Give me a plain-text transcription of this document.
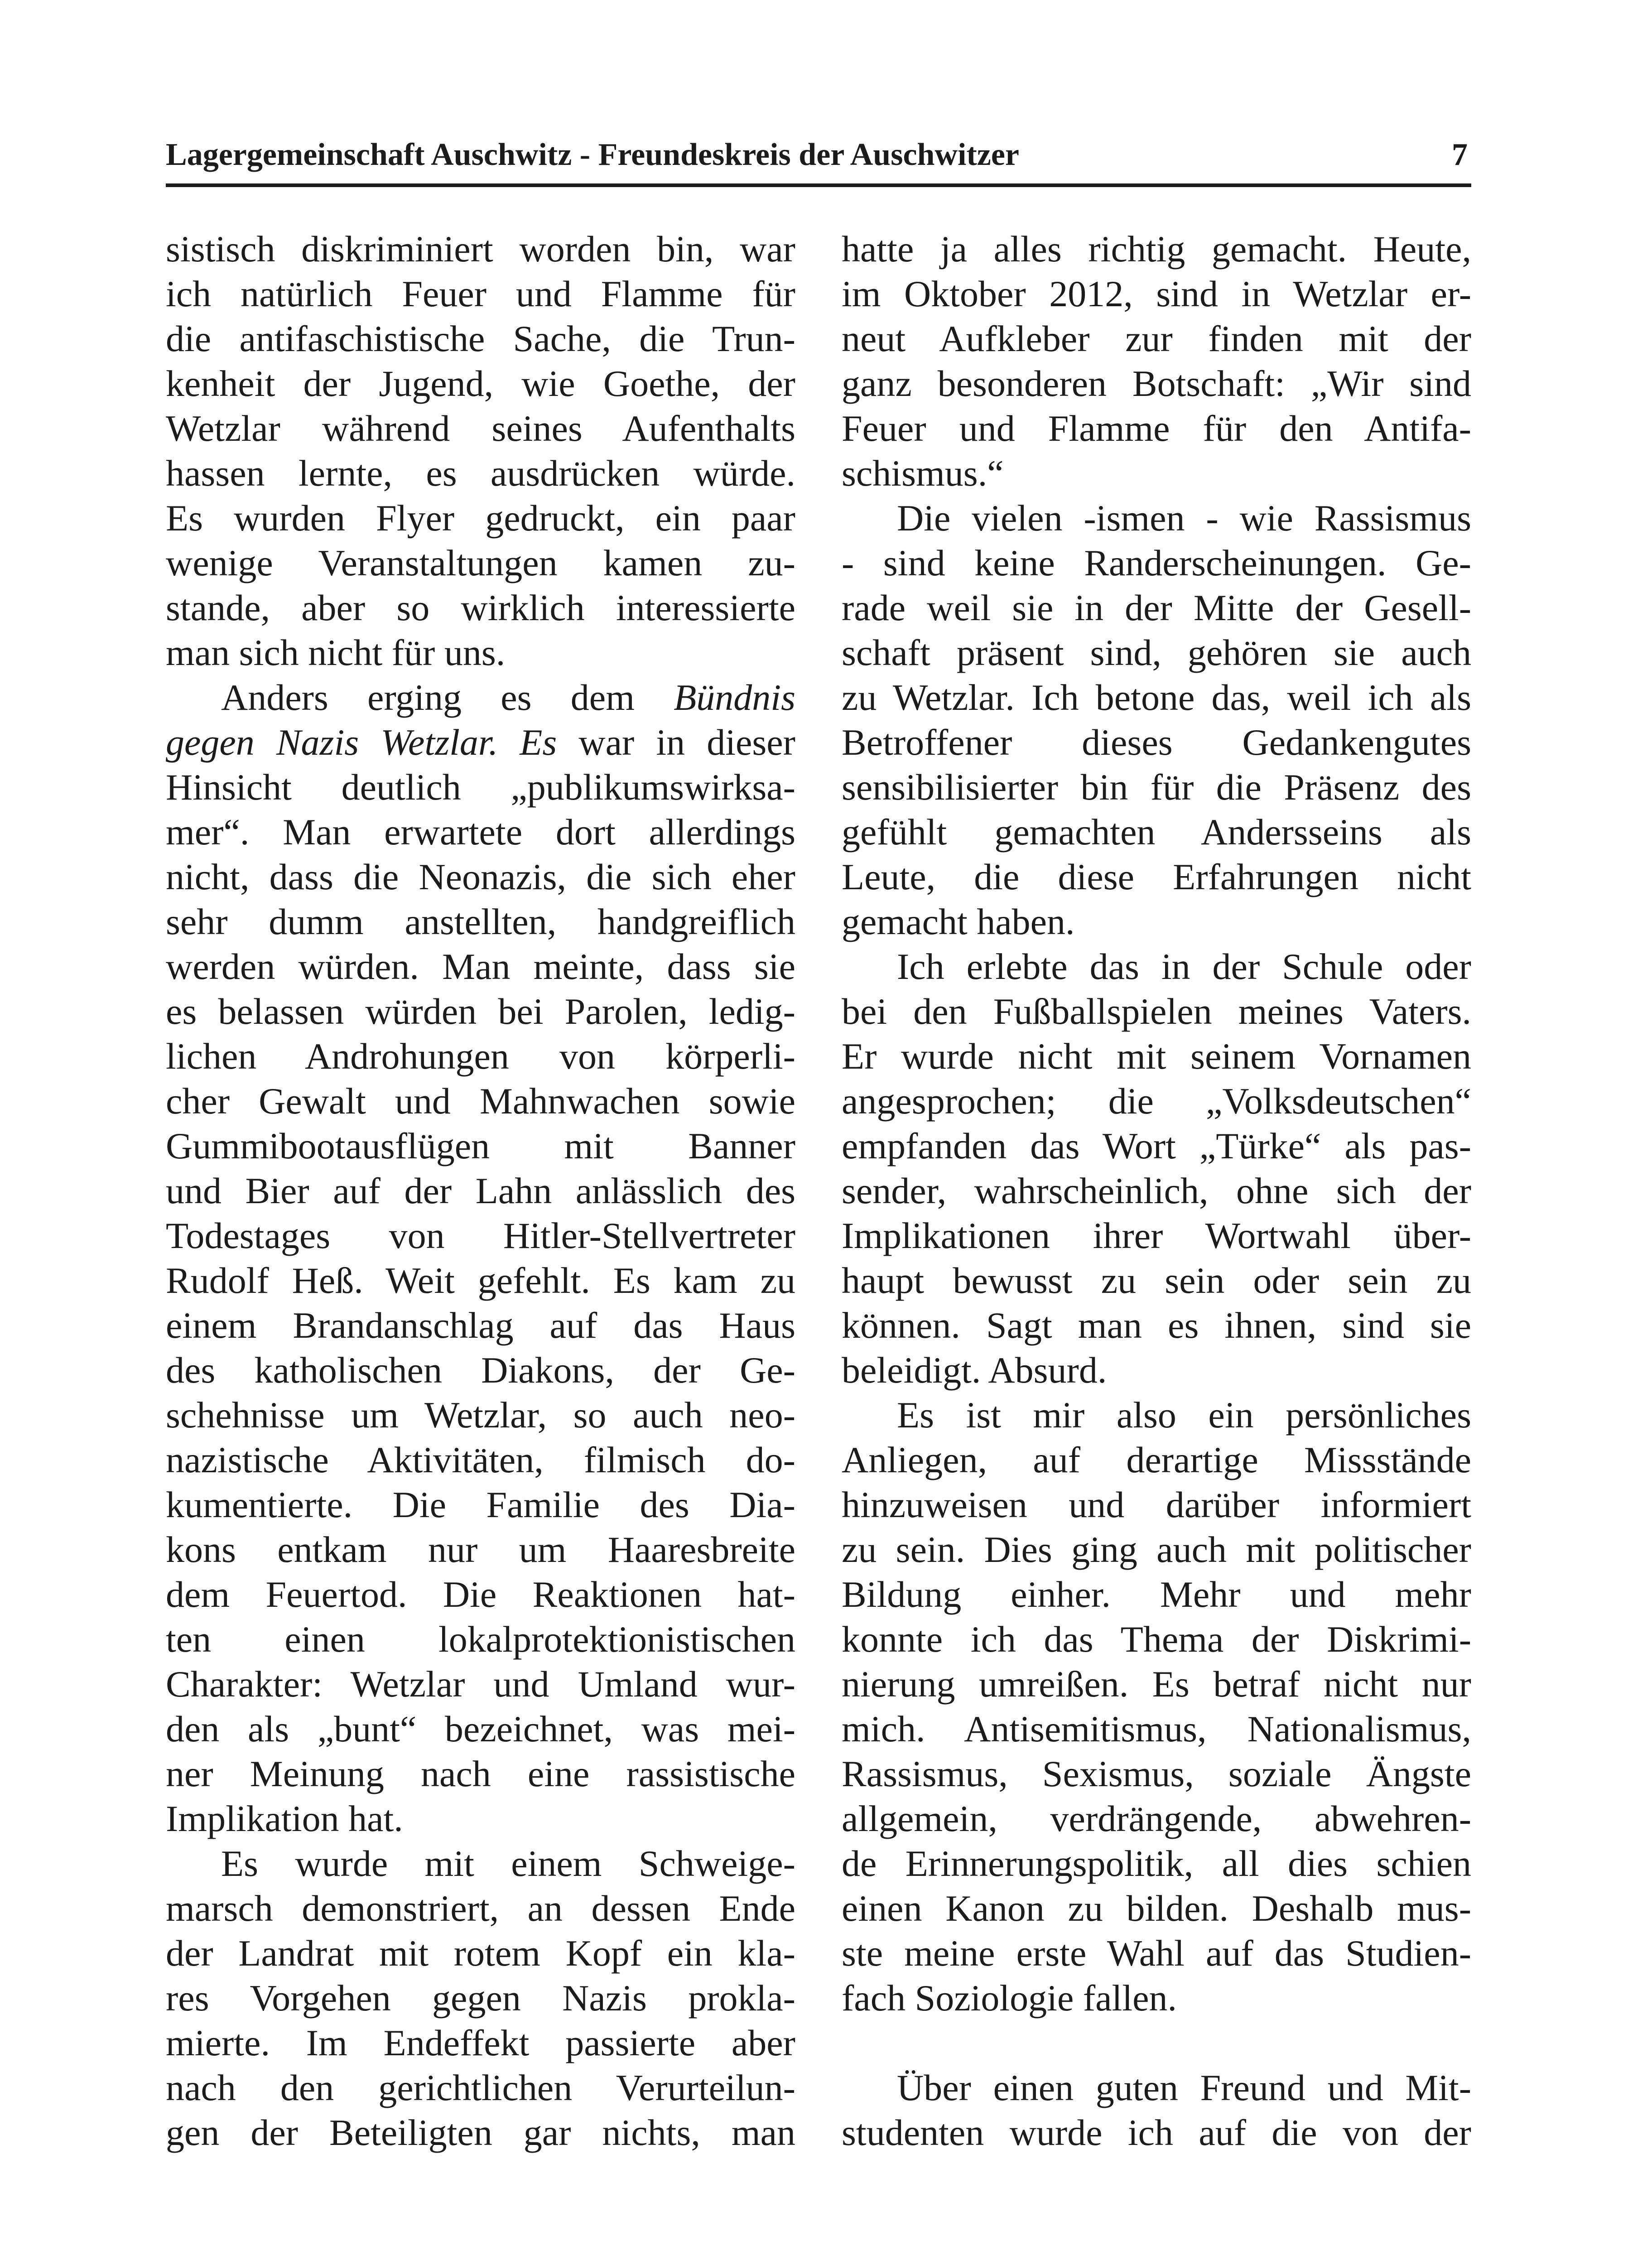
Lagergemeinschaft Auschwitz - Freundeskreis der Auschwitzer	7
sistisch diskriminiert worden bin, war
ich natürlich Feuer und Flamme für
die antifaschistische Sache, die Trun-
kenheit der Jugend, wie Goethe, der
Wetzlar während seines Aufenthalts
hassen lernte, es ausdrücken würde.
Es wurden Flyer gedruckt, ein paar
wenige Veranstaltungen kamen zu-
stande, aber so wirklich interessierte
man sich nicht für uns.
Anders erging es dem Bündnis
gegen Nazis Wetzlar. Es war in dieser
Hinsicht deutlich „publikumswirksa-
mer“. Man erwartete dort allerdings
nicht, dass die Neonazis, die sich eher
sehr dumm anstellten, handgreiflich
werden würden. Man meinte, dass sie
es belassen würden bei Parolen, ledig-
lichen Androhungen von körperli-
cher Gewalt und Mahnwachen sowie
Gummibootausflügen mit Banner
und Bier auf der Lahn anlässlich des
Todestages von Hitler-Stellvertreter
Rudolf Heß. Weit gefehlt. Es kam zu
einem Brandanschlag auf das Haus
des katholischen Diakons, der Ge-
schehnisse um Wetzlar, so auch neo-
nazistische Aktivitäten, filmisch do-
kumentierte. Die Familie des Dia-
kons entkam nur um Haaresbreite
dem Feuertod. Die Reaktionen hat-
ten einen lokalprotektionistischen
Charakter: Wetzlar und Umland wur-
den als „bunt“ bezeichnet, was mei-
ner Meinung nach eine rassistische
Implikation hat.
Es wurde mit einem Schweige-
marsch demonstriert, an dessen Ende
der Landrat mit rotem Kopf ein kla-
res Vorgehen gegen Nazis prokla-
mierte. Im Endeffekt passierte aber
nach den gerichtlichen Verurteilun-
gen der Beteiligten gar nichts, man
hatte ja alles richtig gemacht. Heute,
im Oktober 2012, sind in Wetzlar er-
neut Aufkleber zur finden mit der
ganz besonderen Botschaft: „Wir sind
Feuer und Flamme für den Antifa-
schismus.“
Die vielen -ismen - wie Rassismus
- sind keine Randerscheinungen. Ge-
rade weil sie in der Mitte der Gesell-
schaft präsent sind, gehören sie auch
zu Wetzlar. Ich betone das, weil ich als
Betroffener dieses Gedankengutes
sensibilisierter bin für die Präsenz des
gefühlt gemachten Andersseins als
Leute, die diese Erfahrungen nicht
gemacht haben.
Ich erlebte das in der Schule oder
bei den Fußballspielen meines Vaters.
Er wurde nicht mit seinem Vornamen
angesprochen; die „Volksdeutschen“
empfanden das Wort „Türke“ als pas-
sender, wahrscheinlich, ohne sich der
Implikationen ihrer Wortwahl über-
haupt bewusst zu sein oder sein zu
können. Sagt man es ihnen, sind sie
beleidigt. Absurd.
Es ist mir also ein persönliches
Anliegen, auf derartige Missstände
hinzuweisen und darüber informiert
zu sein. Dies ging auch mit politischer
Bildung einher. Mehr und mehr
konnte ich das Thema der Diskrimi-
nierung umreißen. Es betraf nicht nur
mich. Antisemitismus, Nationalismus,
Rassismus, Sexismus, soziale Ängste
allgemein, verdrängende, abwehren-
de Erinnerungspolitik, all dies schien
einen Kanon zu bilden. Deshalb mus-
ste meine erste Wahl auf das Studien-
fach Soziologie fallen.
Über einen guten Freund und Mit-
studenten wurde ich auf die von der
